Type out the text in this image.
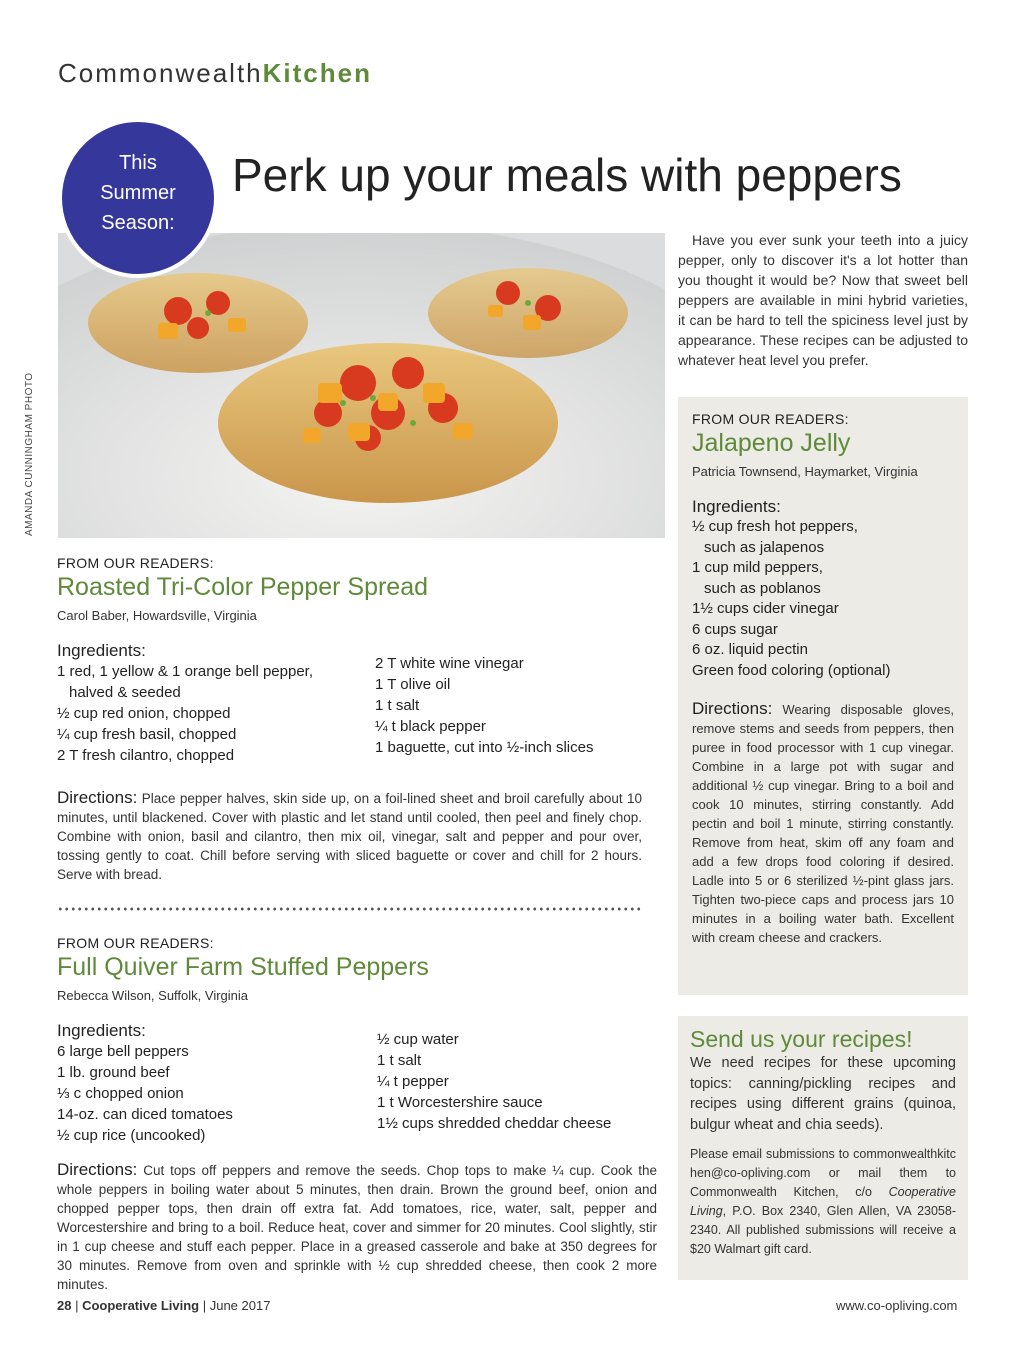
CommonwealthKitchen
This
Summer
Season:
Perk up your meals with peppers
AMANDA CUNNINGHAM PHOTO
Have you ever sunk your teeth into a juicy pepper, only to discover it's a lot hotter than you thought it would be? Now that sweet bell peppers are available in mini hybrid varieties, it can be hard to tell the spiciness level just by appearance. These recipes can be adjusted to whatever heat level you prefer.
FROM OUR READERS:
Roasted Tri-Color Pepper Spread
Carol Baber, Howardsville, Virginia
Ingredients:
1 red, 1 yellow & 1 orange bell pepper,
halved & seeded
½ cup red onion, chopped
¼ cup fresh basil, chopped
2 T fresh cilantro, chopped
2 T white wine vinegar
1 T olive oil
1 t salt
¼ t black pepper
1 baguette, cut into ½-inch slices
Directions: Place pepper halves, skin side up, on a foil-lined sheet and broil carefully about 10 minutes, until blackened. Cover with plastic and let stand until cooled, then peel and finely chop. Combine with onion, basil and cilantro, then mix oil, vinegar, salt and pepper and pour over, tossing gently to coat. Chill before serving with sliced baguette or cover and chill for 2 hours. Serve with bread.
FROM OUR READERS:
Full Quiver Farm Stuffed Peppers
Rebecca Wilson, Suffolk, Virginia
Ingredients:
6 large bell peppers
1 lb. ground beef
⅓ c chopped onion
14-oz. can diced tomatoes
½ cup rice (uncooked)
½ cup water
1 t salt
¼ t pepper
1 t Worcestershire sauce
1½ cups shredded cheddar cheese
Directions: Cut tops off peppers and remove the seeds. Chop tops to make ¼ cup. Cook the whole peppers in boiling water about 5 minutes, then drain. Brown the ground beef, onion and chopped pepper tops, then drain off extra fat. Add tomatoes, rice, water, salt, pepper and Worcestershire and bring to a boil. Reduce heat, cover and simmer for 20 minutes. Cool slightly, stir in 1 cup cheese and stuff each pepper. Place in a greased casserole and bake at 350 degrees for 30 minutes. Remove from oven and sprinkle with ½ cup shredded cheese, then cook 2 more minutes.
FROM OUR READERS:
Jalapeno Jelly
Patricia Townsend, Haymarket, Virginia
Ingredients:
½ cup fresh hot peppers,
such as jalapenos
1 cup mild peppers,
such as poblanos
1½ cups cider vinegar
6 cups sugar
6 oz. liquid pectin
Green food coloring (optional)
Directions: Wearing disposable gloves, remove stems and seeds from peppers, then puree in food processor with 1 cup vinegar. Combine in a large pot with sugar and additional ½ cup vinegar. Bring to a boil and cook 10 minutes, stirring constantly. Add pectin and boil 1 minute, stirring constantly. Remove from heat, skim off any foam and add a few drops food coloring if desired. Ladle into 5 or 6 sterilized ½-pint glass jars. Tighten two-piece caps and process jars 10 minutes in a boiling water bath. Excellent with cream cheese and crackers.
Send us your recipes!
We need recipes for these upcoming topics: canning/pickling recipes and recipes using different grains (quinoa, bulgur wheat and chia seeds).
Please email submissions to commonwealthkitchen@co-opliving.com or mail them to Commonwealth Kitchen, c/o Cooperative Living, P.O. Box 2340, Glen Allen, VA 23058-2340. All published submissions will receive a $20 Walmart gift card.
28 | Cooperative Living | June 2017	www.co-opliving.com
